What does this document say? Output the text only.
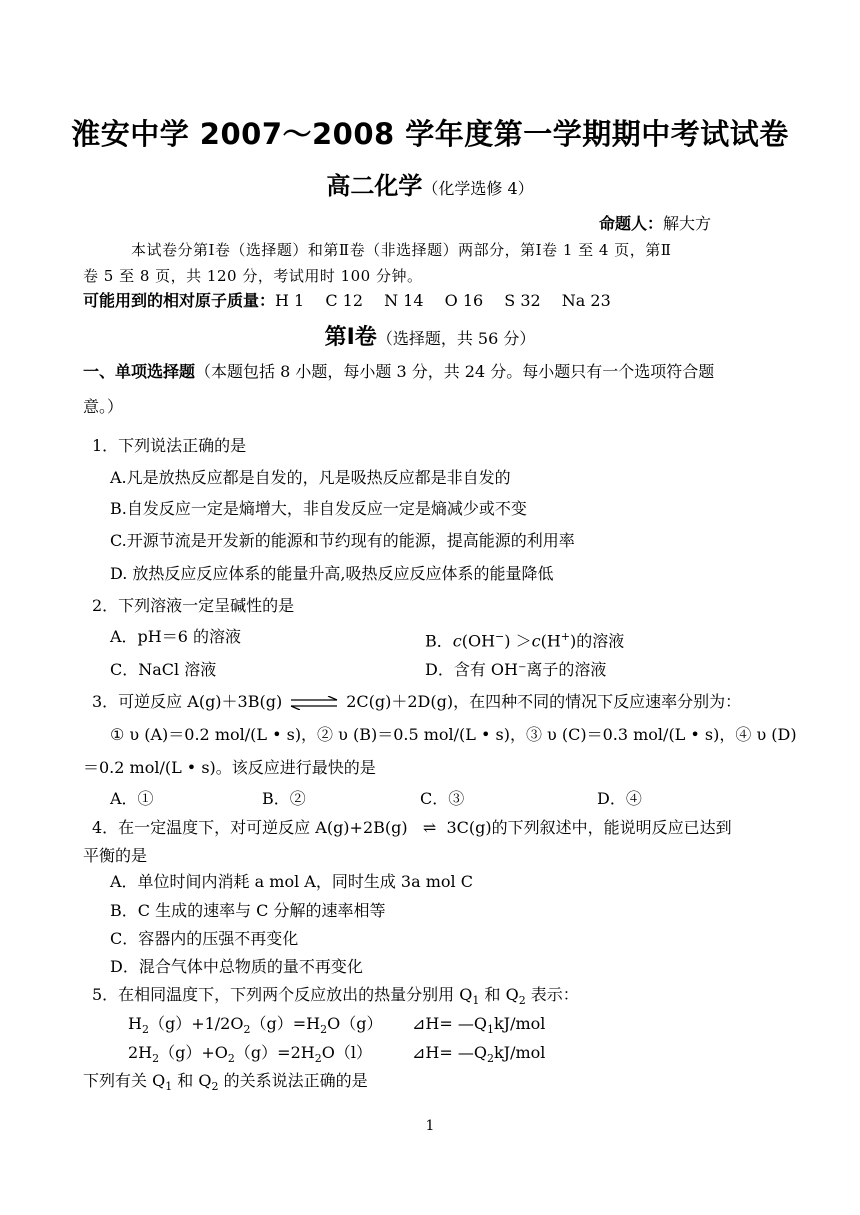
淮安中学 2007～2008 学年度第一学期期中考试试卷
高二化学（化学选修 4）
命题人：解大方
本试卷分第Ⅰ卷（选择题）和第Ⅱ卷（非选择题）两部分，第Ⅰ卷 1 至 4 页，第Ⅱ
卷 5 至 8 页，共 120 分，考试用时 100 分钟。
可能用到的相对原子质量：H 1　 C 12　 N 14　 O 16　 S 32　 Na 23
第Ⅰ卷（选择题，共 56 分）
一、单项选择题（本题包括 8 小题，每小题 3 分，共 24 分。每小题只有一个选项符合题
意。）
1．下列说法正确的是
A.凡是放热反应都是自发的，凡是吸热反应都是非自发的
B.自发反应一定是熵增大，非自发反应一定是熵减少或不变
C.开源节流是开发新的能源和节约现有的能源，提高能源的利用率
D. 放热反应反应体系的能量升高,吸热反应反应体系的能量降低
2．下列溶液一定呈碱性的是
A．pH＝6 的溶液	B．c(OH−) ＞c(H+)的溶液
C．NaCl 溶液	D．含有 OH⁻离子的溶液
3．可逆反应 A(g)＋3B(g) ⇌ 2C(g)＋2D(g)，在四种不同的情况下反应速率分别为：
① υ (A)＝0.2 mol/(L • s)，② υ (B)＝0.5 mol/(L • s)，③ υ (C)＝0.3 mol/(L • s)，④ υ (D)
＝0.2 mol/(L • s)。该反应进行最快的是
A．①	B．②	C．③	D．④
4．在一定温度下，对可逆反应 A(g)+2B(g) ⇌ 3C(g)的下列叙述中，能说明反应已达到
平衡的是
A．单位时间内消耗 a mol A，同时生成 3a mol C
B．C 生成的速率与 C 分解的速率相等
C．容器内的压强不再变化
D．混合气体中总物质的量不再变化
5．在相同温度下，下列两个反应放出的热量分别用 $Q_1$ 和 $Q_2$ 表示：
$H_2(g)+1/2O_2(g)=H_2O(g)$ ⊿H= $—Q_1kJ$/mol
$2H_2(g)+O_2(g)=2H_2O(l)$	⊿H= $—Q_2kJ$/mol
下列有关 $Q_1$ 和 $Q_2$ 的关系说法正确的是
1
